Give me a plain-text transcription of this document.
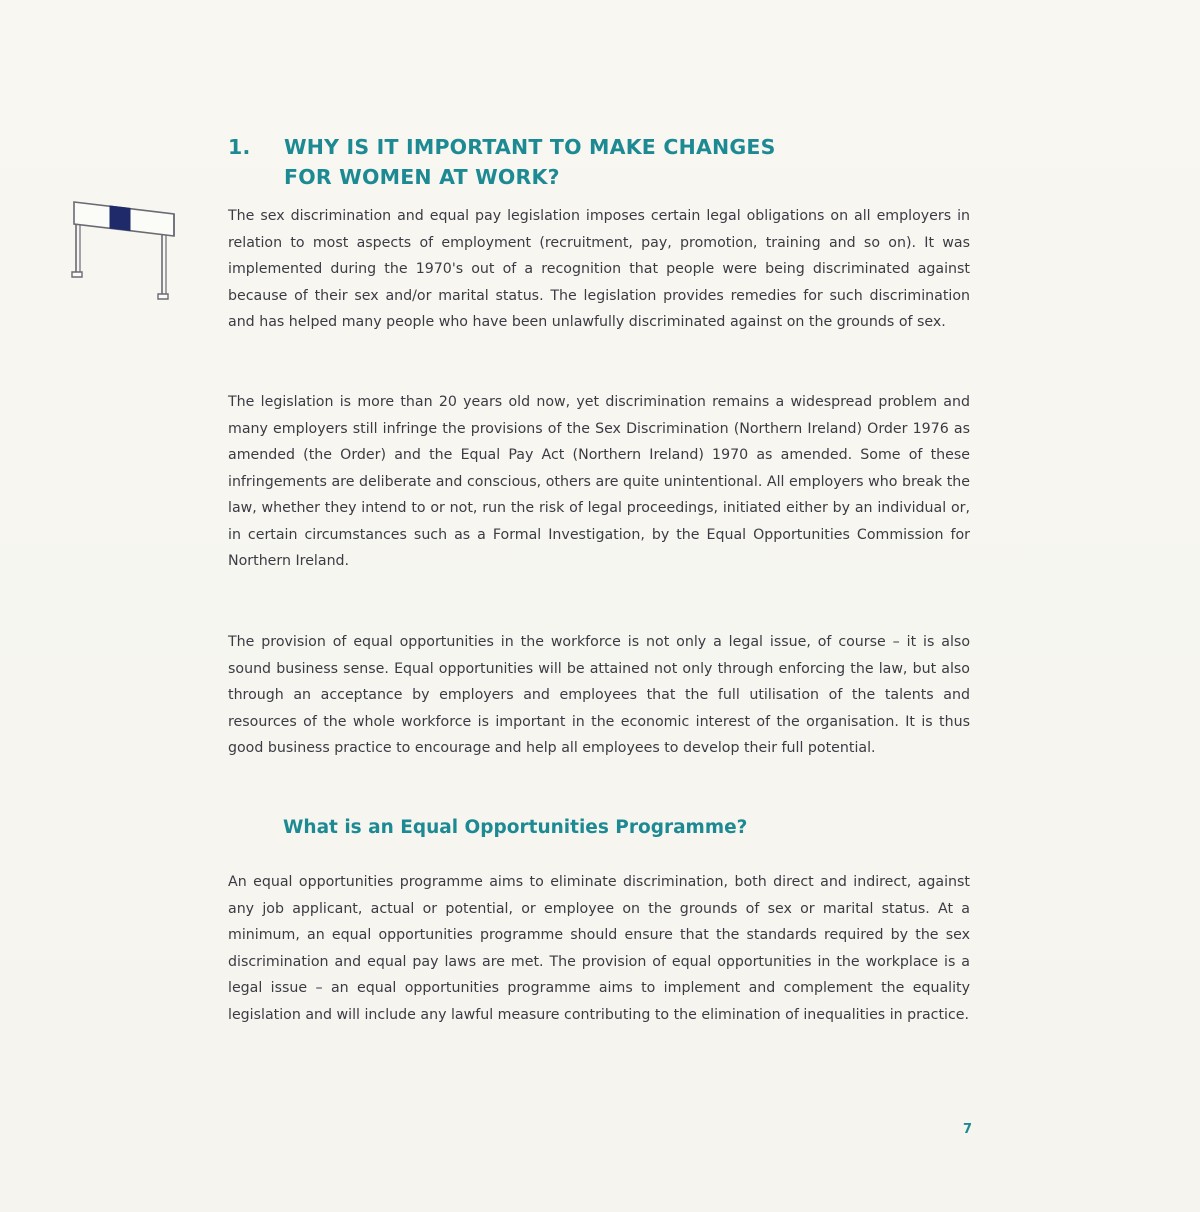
1. WHY IS IT IMPORTANT TO MAKE CHANGES
FOR WOMEN AT WORK?

The sex discrimination and equal pay legislation imposes certain legal obligations on all employers in relation to most aspects of employment (recruitment, pay, promotion, training and so on). It was implemented during the 1970's out of a recognition that people were being discriminated against because of their sex and/or marital status. The legislation provides remedies for such discrimination and has helped many people who have been unlawfully discriminated against on the grounds of sex.

The legislation is more than 20 years old now, yet discrimination remains a widespread problem and many employers still infringe the provisions of the Sex Discrimination (Northern Ireland) Order 1976 as amended (the Order) and the Equal Pay Act (Northern Ireland) 1970 as amended. Some of these infringements are deliberate and conscious, others are quite unintentional. All employers who break the law, whether they intend to or not, run the risk of legal proceedings, initiated either by an individual or, in certain circumstances such as a Formal Investigation, by the Equal Opportunities Commission for Northern Ireland.

The provision of equal opportunities in the workforce is not only a legal issue, of course – it is also sound business sense. Equal opportunities will be attained not only through enforcing the law, but also through an acceptance by employers and employees that the full utilisation of the talents and resources of the whole workforce is important in the economic interest of the organisation. It is thus good business practice to encourage and help all employees to develop their full potential.

What is an Equal Opportunities Programme?

An equal opportunities programme aims to eliminate discrimination, both direct and indirect, against any job applicant, actual or potential, or employee on the grounds of sex or marital status. At a minimum, an equal opportunities programme should ensure that the standards required by the sex discrimination and equal pay laws are met. The provision of equal opportunities in the workplace is a legal issue – an equal opportunities programme aims to implement and complement the equality legislation and will include any lawful measure contributing to the elimination of inequalities in practice.

7
